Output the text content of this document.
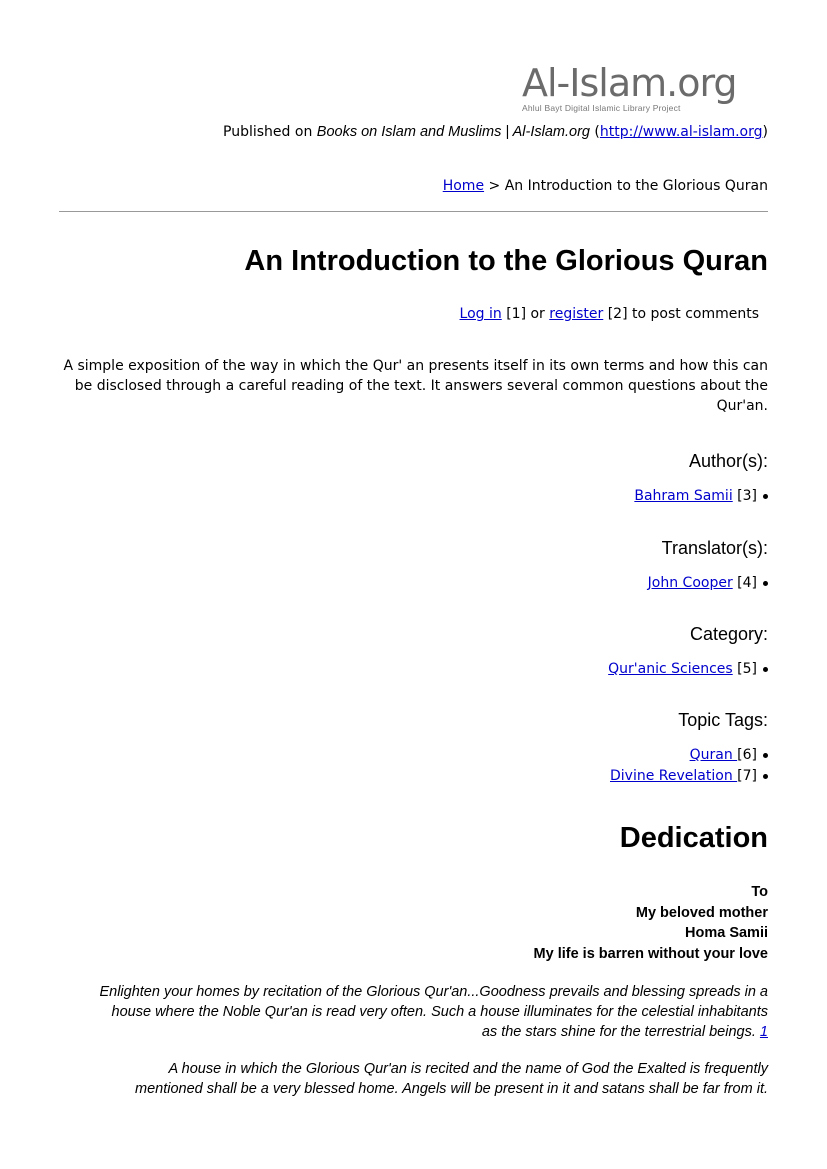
Al-Islam.org
Ahlul Bayt Digital Islamic Library Project
Published on Books on Islam and Muslims | Al-Islam.org (http://www.al-islam.org)
Home > An Introduction to the Glorious Quran
An Introduction to the Glorious Quran
Log in [1] or register [2] to post comments
A simple exposition of the way in which the Qur' an presents itself in its own terms and how this can be disclosed through a careful reading of the text. It answers several common questions about the Qur'an.
Author(s):
Bahram Samii [3]
Translator(s):
John Cooper [4]
Category:
Qur'anic Sciences [5]
Topic Tags:
Quran [6]
Divine Revelation [7]
Dedication
To
My beloved mother
Homa Samii
My life is barren without your love
Enlighten your homes by recitation of the Glorious Qur'an...Goodness prevails and blessing spreads in a
house where the Noble Qur'an is read very often. Such a house illuminates for the celestial inhabitants
as the stars shine for the terrestrial beings. 1
A house in which the Glorious Qur'an is recited and the name of God the Exalted is frequently
mentioned shall be a very blessed home. Angels will be present in it and satans shall be far from it.
